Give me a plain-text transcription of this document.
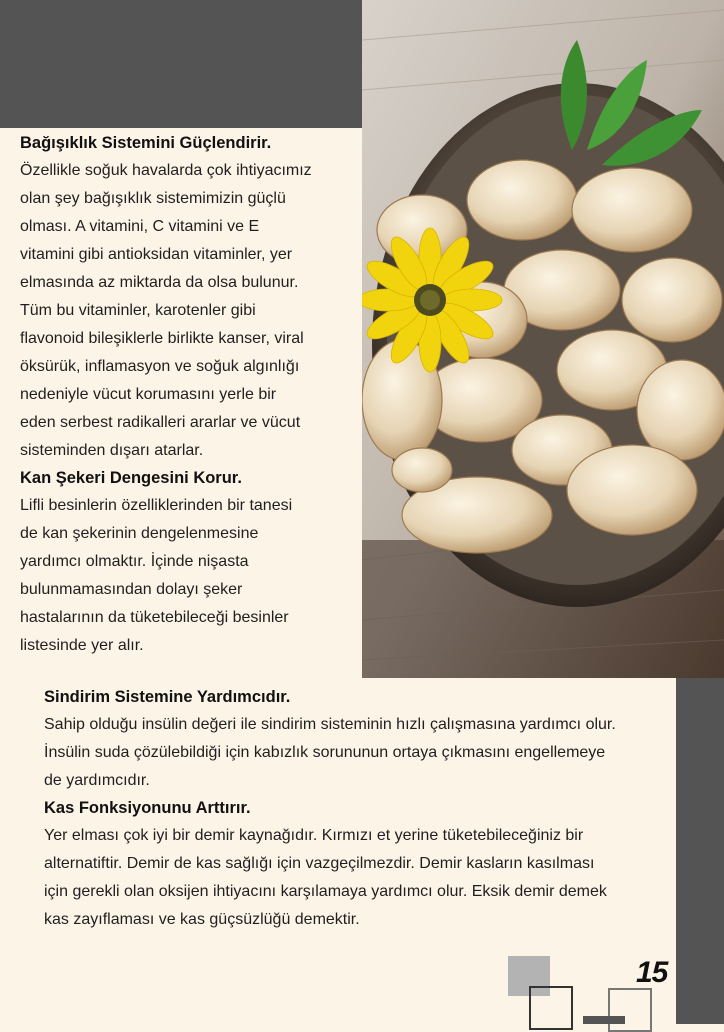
Bağışıklık Sistemini Güçlendirir.

Özellikle soğuk havalarda çok ihtiyacımız

olan şey bağışıklık sistemimizin güçlü

olması. A vitamini, C vitamini ve E

vitamini gibi antioksidan vitaminler, yer

elmasında az miktarda da olsa bulunur.

Tüm bu vitaminler, karotenler gibi

flavonoid bileşiklerle birlikte kanser, viral

öksürük, inflamasyon ve soğuk algınlığı

nedeniyle vücut korumasını yerle bir

eden serbest radikalleri ararlar ve vücut

sisteminden dışarı atarlar.

Kan Şekeri Dengesini Korur.

Lifli besinlerin özelliklerinden bir tanesi

de kan şekerinin dengelenmesine

yardımcı olmaktır. İçinde nişasta

bulunmamasından dolayı şeker

hastalarının da tüketebileceği besinler

listesinde yer alır.

Sindirim Sistemine Yardımcıdır.

Sahip olduğu insülin değeri ile sindirim sisteminin hızlı çalışmasına yardımcı olur.

İnsülin suda çözülebildiği için kabızlık sorununun ortaya çıkmasını engellemeye

de yardımcıdır.

Kas Fonksiyonunu Arttırır.

Yer elması çok iyi bir demir kaynağıdır. Kırmızı et yerine tüketebileceğiniz bir

alternatiftir. Demir de kas sağlığı için vazgeçilmezdir. Demir kasların kasılması

için gerekli olan oksijen ihtiyacını karşılamaya yardımcı olur. Eksik demir demek

kas zayıflaması ve kas güçsüzlüğü demektir.

15
